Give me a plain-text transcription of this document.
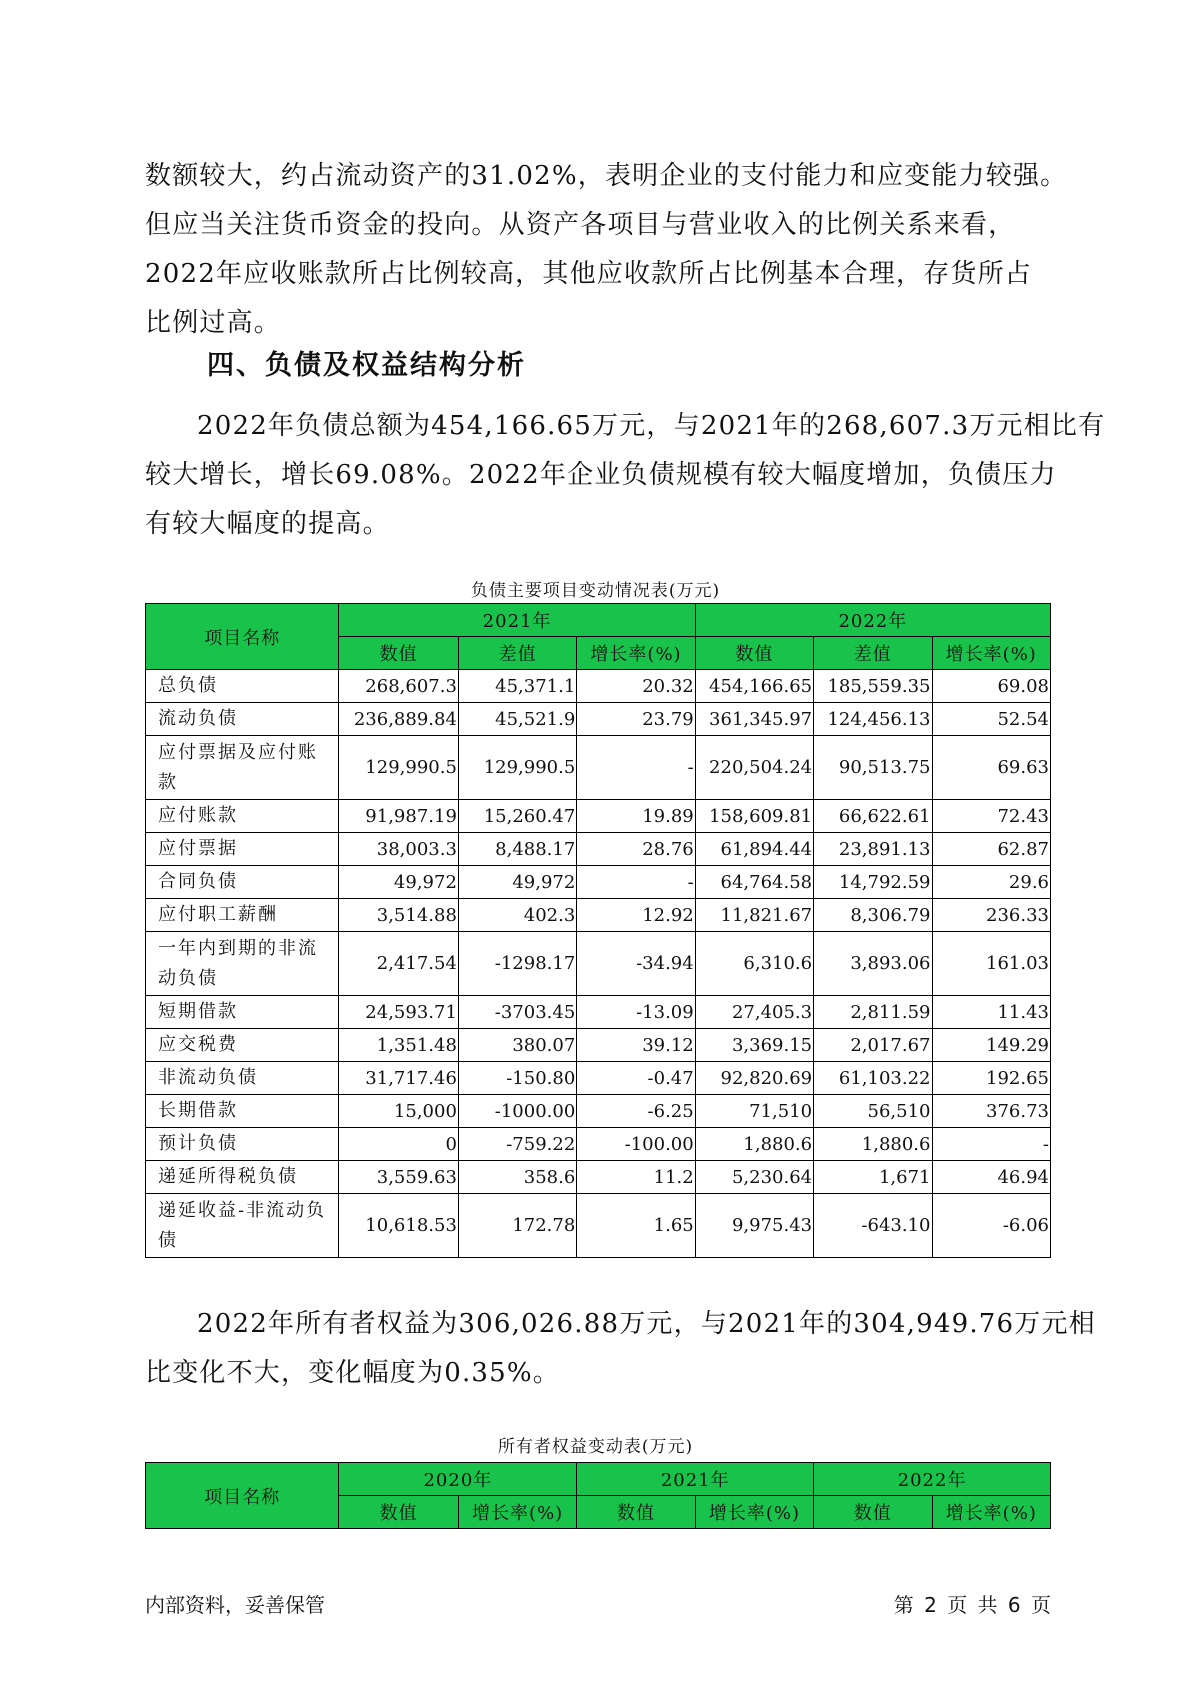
数额较大，约占流动资产的31.02%，表明企业的支付能力和应变能力较强。
但应当关注货币资金的投向。从资产各项目与营业收入的比例关系来看，
2022年应收账款所占比例较高，其他应收款所占比例基本合理，存货所占
比例过高。

四、负债及权益结构分析

2022年负债总额为454,166.65万元，与2021年的268,607.3万元相比有
较大增长，增长69.08%。2022年企业负债规模有较大幅度增加，负债压力
有较大幅度的提高。

负债主要项目变动情况表(万元)
项目名称	2021年			2022年		
	数值	差值	增长率(%)	数值	差值	增长率(%)
总负债	268,607.3	45,371.1	20.32	454,166.65	185,559.35	69.08
流动负债	236,889.84	45,521.9	23.79	361,345.97	124,456.13	52.54
应付票据及应付账款	129,990.5	129,990.5	-	220,504.24	90,513.75	69.63
应付账款	91,987.19	15,260.47	19.89	158,609.81	66,622.61	72.43
应付票据	38,003.3	8,488.17	28.76	61,894.44	23,891.13	62.87
合同负债	49,972	49,972	-	64,764.58	14,792.59	29.6
应付职工薪酬	3,514.88	402.3	12.92	11,821.67	8,306.79	236.33
一年内到期的非流动负债	2,417.54	-1298.17	-34.94	6,310.6	3,893.06	161.03
短期借款	24,593.71	-3703.45	-13.09	27,405.3	2,811.59	11.43
应交税费	1,351.48	380.07	39.12	3,369.15	2,017.67	149.29
非流动负债	31,717.46	-150.80	-0.47	92,820.69	61,103.22	192.65
长期借款	15,000	-1000.00	-6.25	71,510	56,510	376.73
预计负债	0	-759.22	-100.00	1,880.6	1,880.6	-
递延所得税负债	3,559.63	358.6	11.2	5,230.64	1,671	46.94
递延收益-非流动负债	10,618.53	172.78	1.65	9,975.43	-643.10	-6.06

2022年所有者权益为306,026.88万元，与2021年的304,949.76万元相
比变化不大，变化幅度为0.35%。

所有者权益变动表(万元)
项目名称	2020年		2021年		2022年	
	数值	增长率(%)	数值	增长率(%)	数值	增长率(%)
内部资料，妥善保管	第 2 页 共 6 页
